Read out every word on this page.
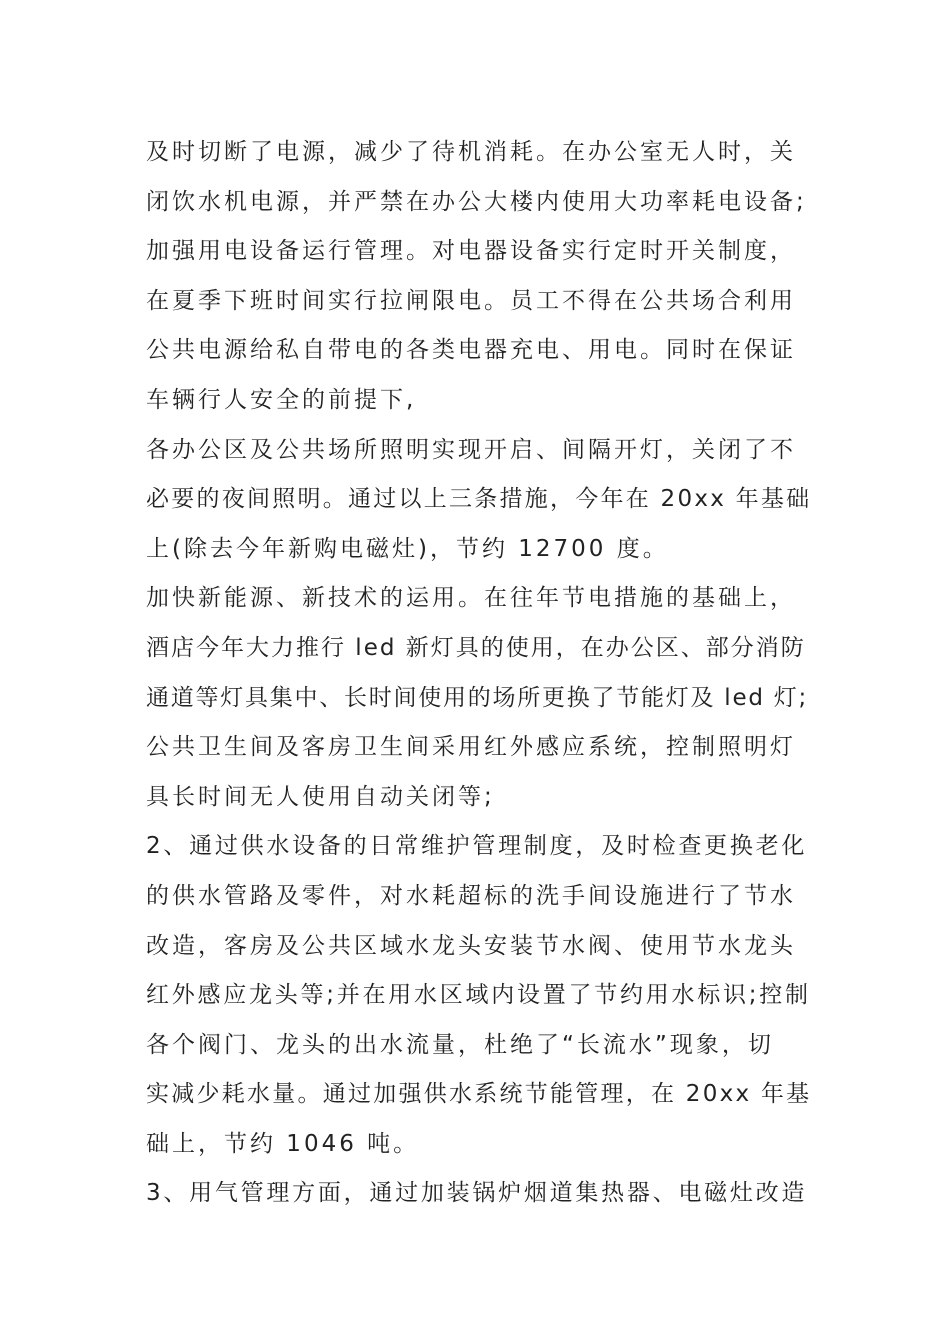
及时切断了电源，减少了待机消耗。在办公室无人时，关
闭饮水机电源，并严禁在办公大楼内使用大功率耗电设备;
加强用电设备运行管理。对电器设备实行定时开关制度，
在夏季下班时间实行拉闸限电。员工不得在公共场合利用
公共电源给私自带电的各类电器充电、用电。同时在保证
车辆行人安全的前提下,
各办公区及公共场所照明实现开启、间隔开灯，关闭了不
必要的夜间照明。通过以上三条措施，今年在 20xx 年基础
上(除去今年新购电磁灶)，节约 12700 度。
加快新能源、新技术的运用。在往年节电措施的基础上，
酒店今年大力推行 led 新灯具的使用，在办公区、部分消防
通道等灯具集中、长时间使用的场所更换了节能灯及 led 灯;
公共卫生间及客房卫生间采用红外感应系统，控制照明灯
具长时间无人使用自动关闭等;
2、通过供水设备的日常维护管理制度，及时检查更换老化
的供水管路及零件，对水耗超标的洗手间设施进行了节水
改造，客房及公共区域水龙头安装节水阀、使用节水龙头
红外感应龙头等;并在用水区域内设置了节约用水标识;控制
各个阀门、龙头的出水流量，杜绝了“长流水”现象，切
实减少耗水量。通过加强供水系统节能管理，在 20xx 年基
础上，节约 1046 吨。
3、用气管理方面，通过加装锅炉烟道集热器、电磁灶改造
